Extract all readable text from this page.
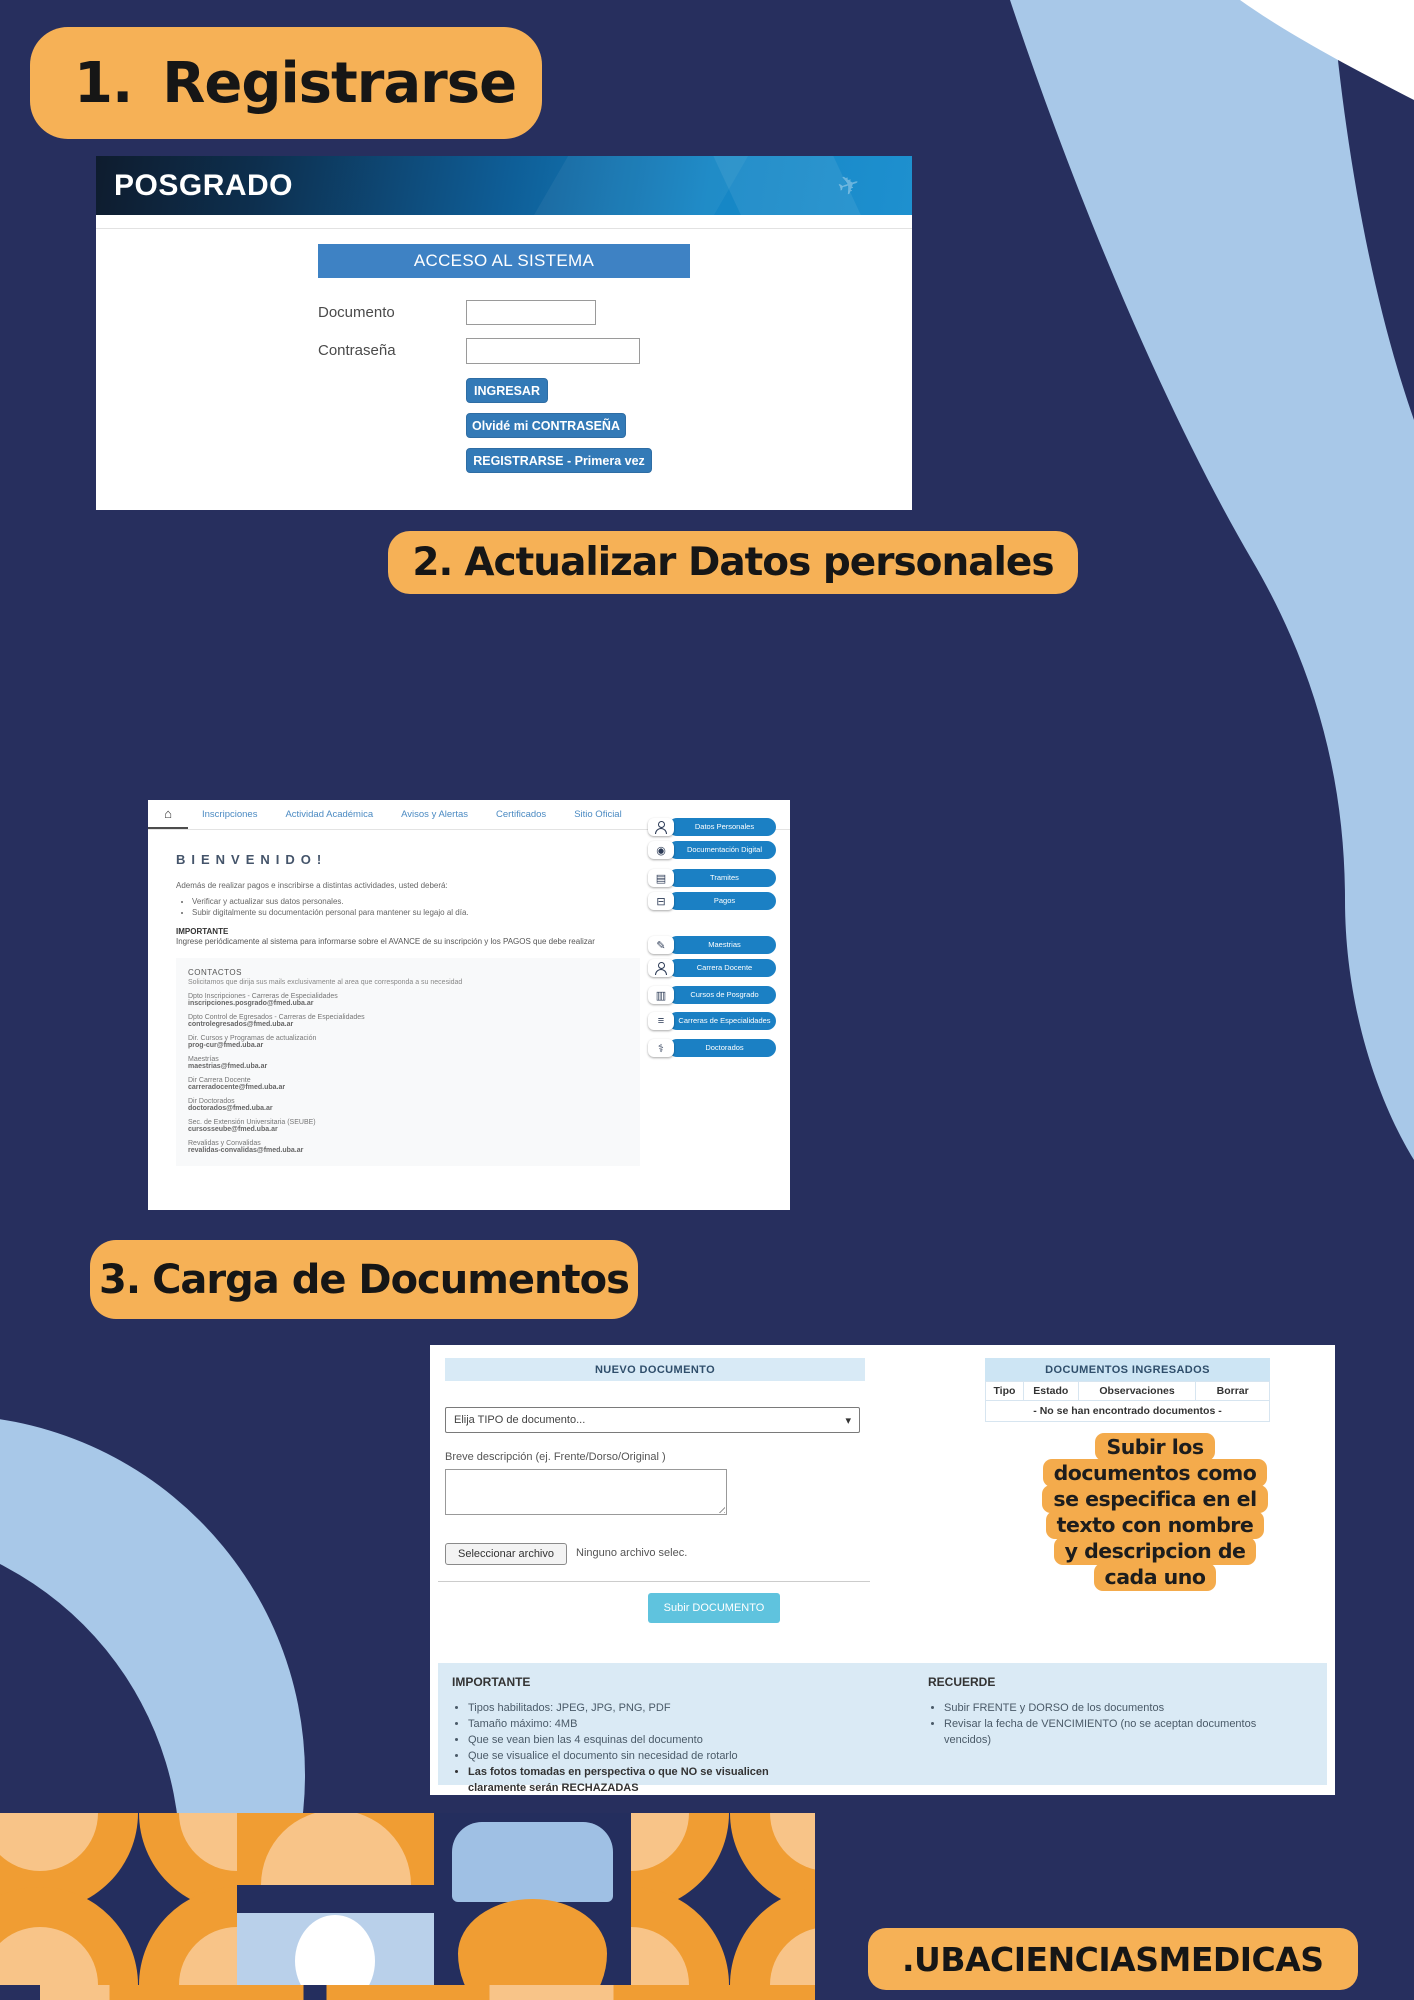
1. Registrarse
POSGRADO	✈
ACCESO AL SISTEMA
Documento
Contraseña
INGRESAR
Olvidé mi CONTRASEÑA
REGISTRARSE - Primera vez
2. Actualizar Datos personales
⌂	Inscripciones	Actividad Académica	Avisos y Alertas	Certificados	Sitio Oficial
BIENVENIDO!

Además de realizar pagos e inscribirse a distintas actividades, usted deberá:

• Verificar y actualizar sus datos personales.
• Subir digitalmente su documentación personal para mantener su legajo al día.

IMPORTANTE

Ingrese periódicamente al sistema para informarse sobre el AVANCE de su inscripción y los PAGOS que debe realizar

CONTACTOS

Solicitamos que dirija sus mails exclusivamente al area que corresponda a su necesidad

Dpto Inscripciones - Carreras de Especialidades
inscripciones.posgrado@fmed.uba.ar
Dpto Control de Egresados - Carreras de Especialidades
controlegresados@fmed.uba.ar
Dir. Cursos y Programas de actualización
prog-cur@fmed.uba.ar
Maestrías
maestrias@fmed.uba.ar
Dir Carrera Docente
carreradocente@fmed.uba.ar
Dir Doctorados
doctorados@fmed.uba.ar
Sec. de Extensión Universitaria (SEUBE)
cursosseube@fmed.uba.ar
Revalidas y Convalidas
revalidas-convalidas@fmed.uba.ar
Datos Personales
◉	Documentación Digital
▤	Tramites
⊟	Pagos
✎	Maestrias
Carrera Docente
▥	Cursos de Posgrado
≡	Carreras de Especialidades
⚕	Doctorados
3. Carga de Documentos
NUEVO DOCUMENTO
Elija TIPO de documento...	▾
Breve descripción (ej. Frente/Dorso/Original )
Seleccionar archivo	Ninguno archivo selec.
Subir DOCUMENTO
DOCUMENTOS INGRESADOS
Tipo	Estado	Observaciones	Borrar
- No se han encontrado documentos -
Subir los
documentos como
se especifica en el
texto con nombre
y descripcion de
cada uno
IMPORTANTE
• Tipos habilitados: JPEG, JPG, PNG, PDF
• Tamaño máximo: 4MB
• Que se vean bien las 4 esquinas del documento
• Que se visualice el documento sin necesidad de rotarlo
• Las fotos tomadas en perspectiva o que NO se visualicen claramente serán RECHAZADAS
RECUERDE
• Subir FRENTE y DORSO de los documentos
• Revisar la fecha de VENCIMIENTO (no se aceptan documentos vencidos)
.UBACIENCIASMEDICAS
